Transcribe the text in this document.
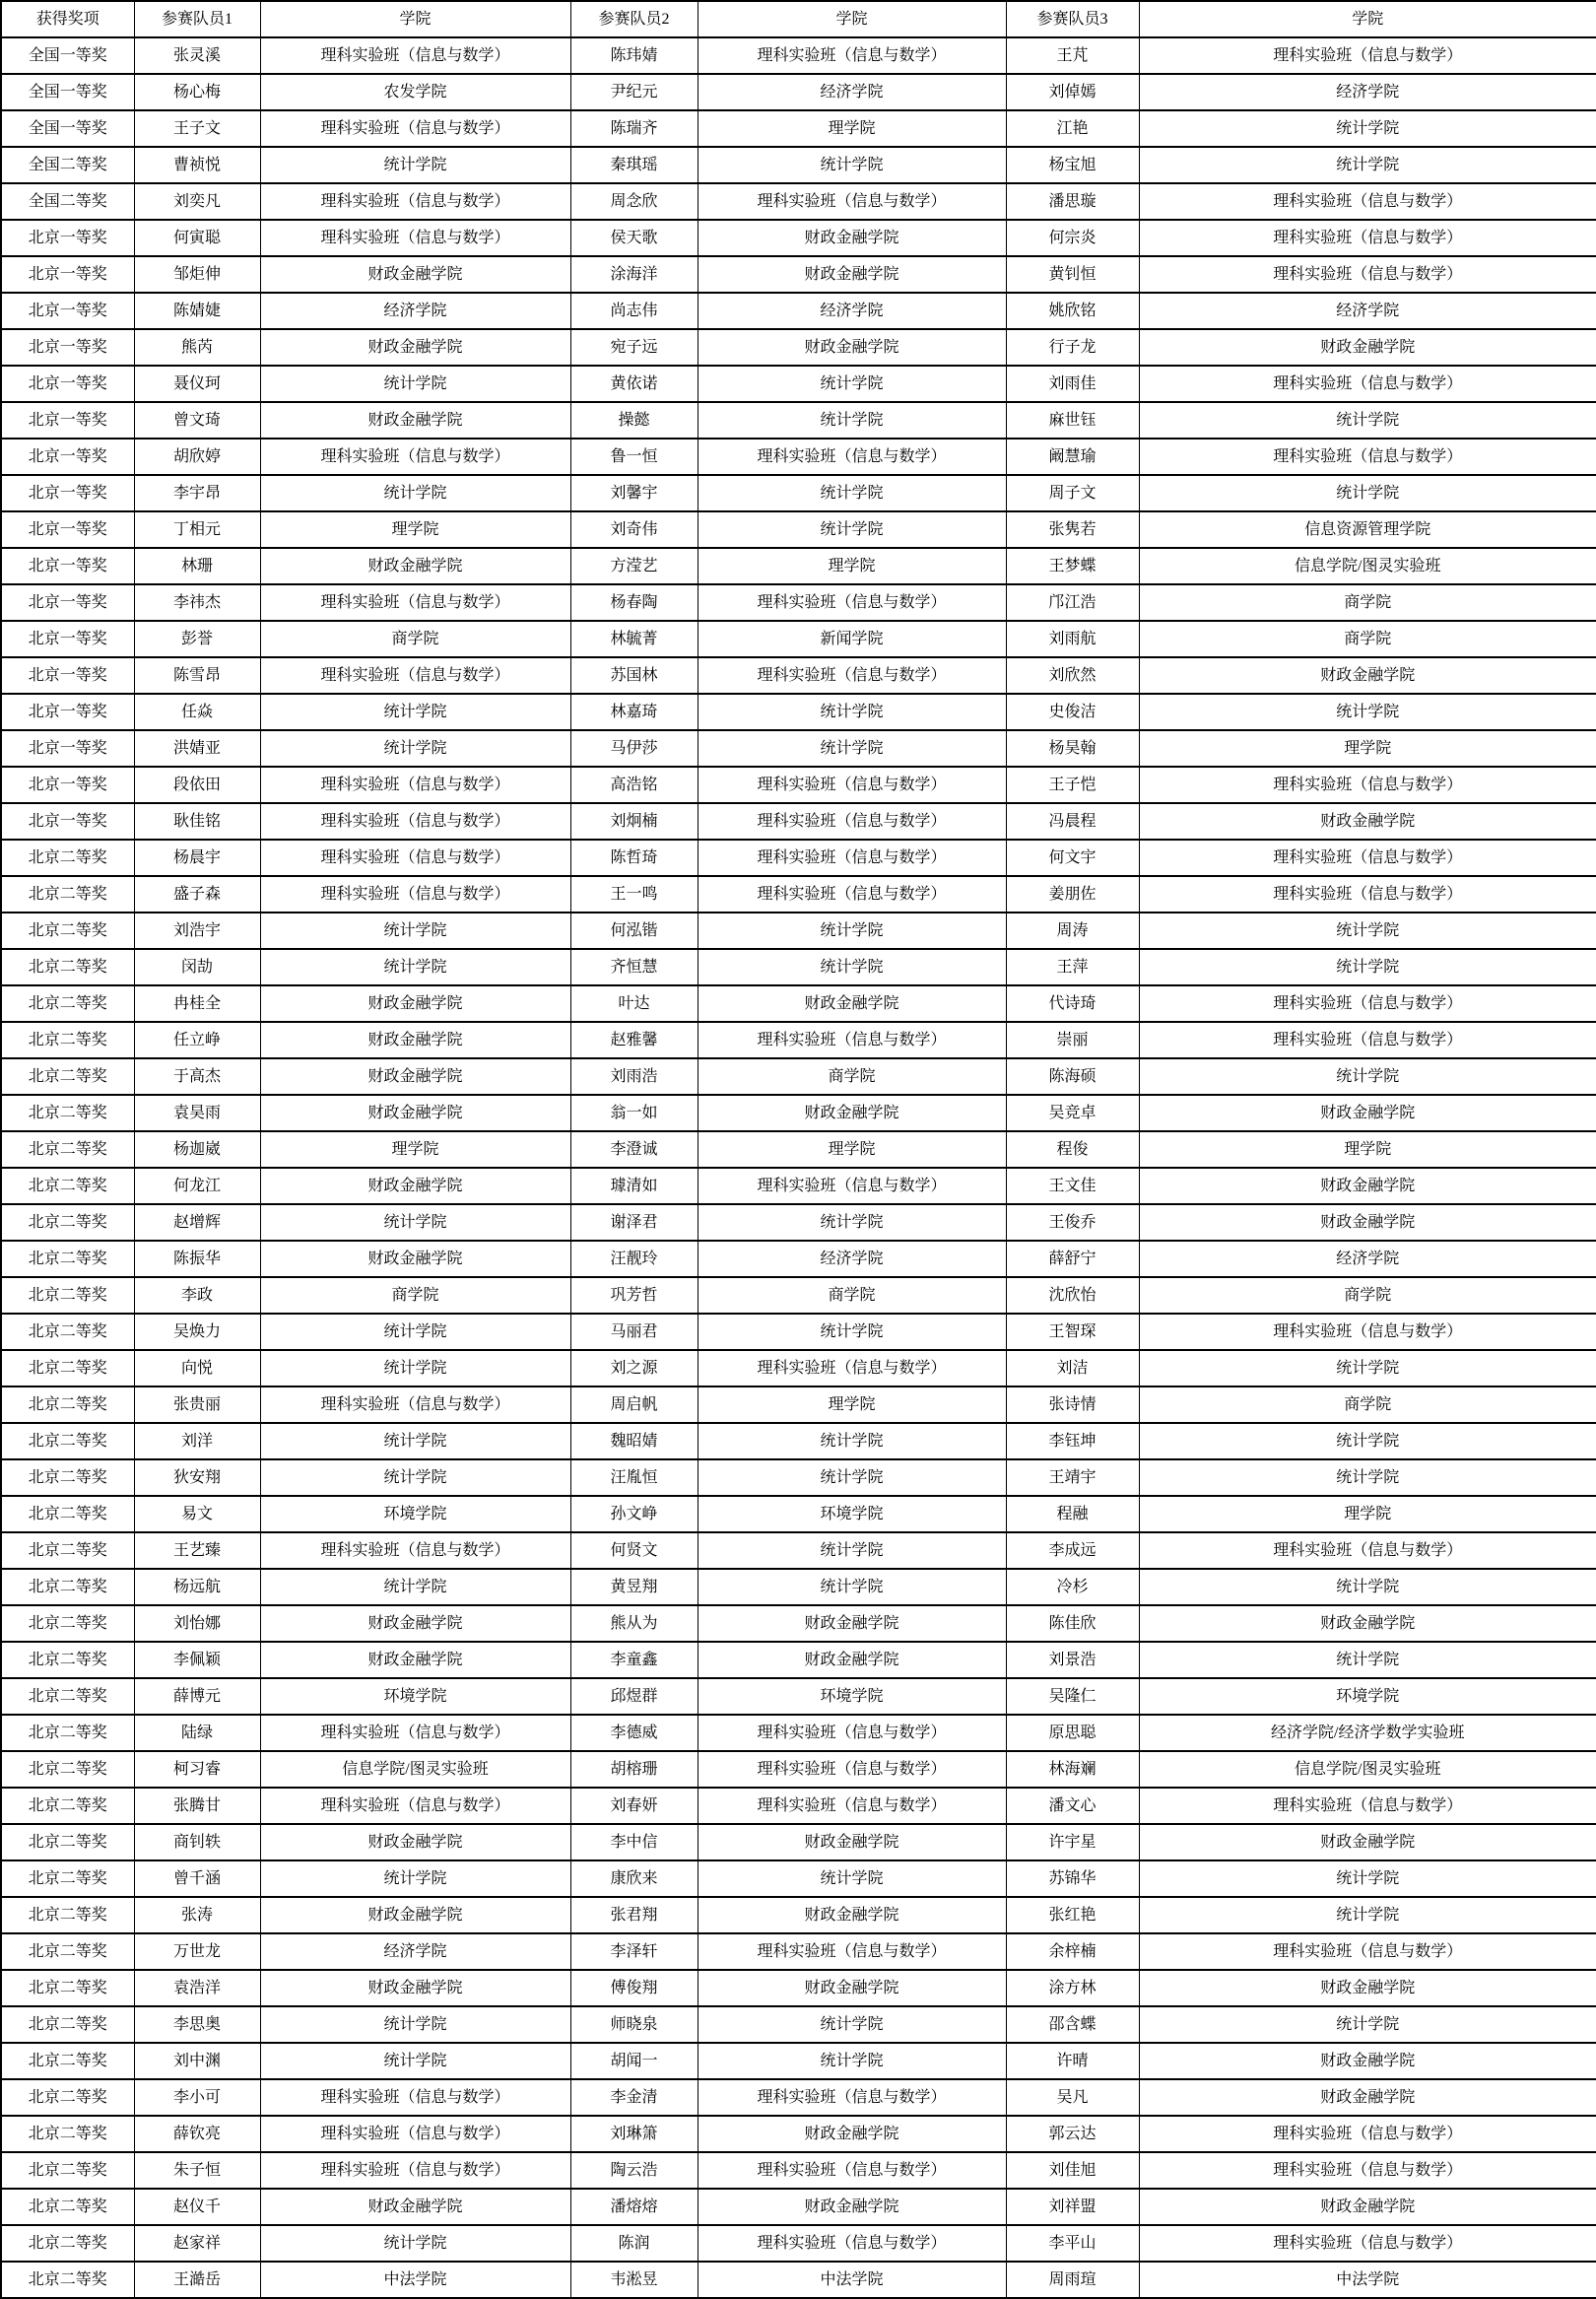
获得奖项	参赛队员1	学院	参赛队员2	学院	参赛队员3	学院
全国一等奖	张灵溪	理科实验班（信息与数学）	陈玮婧	理科实验班（信息与数学）	王芃	理科实验班（信息与数学）
全国一等奖	杨心梅	农发学院	尹纪元	经济学院	刘倬嫣	经济学院
全国一等奖	王子文	理科实验班（信息与数学）	陈瑞齐	理学院	江艳	统计学院
全国二等奖	曹祯悦	统计学院	秦琪瑶	统计学院	杨宝旭	统计学院
全国二等奖	刘奕凡	理科实验班（信息与数学）	周念欣	理科实验班（信息与数学）	潘思璇	理科实验班（信息与数学）
北京一等奖	何寅聪	理科实验班（信息与数学）	侯天歌	财政金融学院	何宗炎	理科实验班（信息与数学）
北京一等奖	邹炬伸	财政金融学院	涂海洋	财政金融学院	黄钊恒	理科实验班（信息与数学）
北京一等奖	陈婧婕	经济学院	尚志伟	经济学院	姚欣铭	经济学院
北京一等奖	熊芮	财政金融学院	宛子远	财政金融学院	行子龙	财政金融学院
北京一等奖	聂仪珂	统计学院	黄依诺	统计学院	刘雨佳	理科实验班（信息与数学）
北京一等奖	曾文琦	财政金融学院	操懿	统计学院	麻世钰	统计学院
北京一等奖	胡欣婷	理科实验班（信息与数学）	鲁一恒	理科实验班（信息与数学）	阚慧瑜	理科实验班（信息与数学）
北京一等奖	李宇昂	统计学院	刘馨宇	统计学院	周子文	统计学院
北京一等奖	丁相元	理学院	刘奇伟	统计学院	张隽若	信息资源管理学院
北京一等奖	林珊	财政金融学院	方滢艺	理学院	王梦蝶	信息学院/图灵实验班
北京一等奖	李祎杰	理科实验班（信息与数学）	杨春陶	理科实验班（信息与数学）	邝江浩	商学院
北京一等奖	彭誉	商学院	林毓菁	新闻学院	刘雨航	商学院
北京一等奖	陈雪昂	理科实验班（信息与数学）	苏国林	理科实验班（信息与数学）	刘欣然	财政金融学院
北京一等奖	任焱	统计学院	林嘉琦	统计学院	史俊洁	统计学院
北京一等奖	洪婧亚	统计学院	马伊莎	统计学院	杨昊翰	理学院
北京一等奖	段依田	理科实验班（信息与数学）	高浩铭	理科实验班（信息与数学）	王子恺	理科实验班（信息与数学）
北京一等奖	耿佳铭	理科实验班（信息与数学）	刘炯楠	理科实验班（信息与数学）	冯晨程	财政金融学院
北京二等奖	杨晨宇	理科实验班（信息与数学）	陈哲琦	理科实验班（信息与数学）	何文宇	理科实验班（信息与数学）
北京二等奖	盛子森	理科实验班（信息与数学）	王一鸣	理科实验班（信息与数学）	姜朋佐	理科实验班（信息与数学）
北京二等奖	刘浩宇	统计学院	何泓锴	统计学院	周涛	统计学院
北京二等奖	闵劼	统计学院	齐恒慧	统计学院	王萍	统计学院
北京二等奖	冉桂全	财政金融学院	叶达	财政金融学院	代诗琦	理科实验班（信息与数学）
北京二等奖	任立峥	财政金融学院	赵雅馨	理科实验班（信息与数学）	崇丽	理科实验班（信息与数学）
北京二等奖	于高杰	财政金融学院	刘雨浩	商学院	陈海硕	统计学院
北京二等奖	袁昊雨	财政金融学院	翁一如	财政金融学院	吴竞卓	财政金融学院
北京二等奖	杨迦崴	理学院	李澄诚	理学院	程俊	理学院
北京二等奖	何龙江	财政金融学院	璩清如	理科实验班（信息与数学）	王文佳	财政金融学院
北京二等奖	赵增辉	统计学院	谢泽君	统计学院	王俊乔	财政金融学院
北京二等奖	陈振华	财政金融学院	汪靓玲	经济学院	薛舒宁	经济学院
北京二等奖	李政	商学院	巩芳哲	商学院	沈欣怡	商学院
北京二等奖	吴焕力	统计学院	马丽君	统计学院	王智琛	理科实验班（信息与数学）
北京二等奖	向悦	统计学院	刘之源	理科实验班（信息与数学）	刘洁	统计学院
北京二等奖	张贵丽	理科实验班（信息与数学）	周启帆	理学院	张诗情	商学院
北京二等奖	刘洋	统计学院	魏昭婧	统计学院	李钰坤	统计学院
北京二等奖	狄安翔	统计学院	汪胤恒	统计学院	王靖宇	统计学院
北京二等奖	易文	环境学院	孙文峥	环境学院	程融	理学院
北京二等奖	王艺臻	理科实验班（信息与数学）	何贤文	统计学院	李成远	理科实验班（信息与数学）
北京二等奖	杨远航	统计学院	黄昱翔	统计学院	冷杉	统计学院
北京二等奖	刘怡娜	财政金融学院	熊从为	财政金融学院	陈佳欣	财政金融学院
北京二等奖	李佩颖	财政金融学院	李童鑫	财政金融学院	刘景浩	统计学院
北京二等奖	薛博元	环境学院	邱煜群	环境学院	吴隆仁	环境学院
北京二等奖	陆绿	理科实验班（信息与数学）	李德威	理科实验班（信息与数学）	原思聪	经济学院/经济学数学实验班
北京二等奖	柯习睿	信息学院/图灵实验班	胡榕珊	理科实验班（信息与数学）	林海斓	信息学院/图灵实验班
北京二等奖	张腾甘	理科实验班（信息与数学）	刘春妍	理科实验班（信息与数学）	潘文心	理科实验班（信息与数学）
北京二等奖	商钊轶	财政金融学院	李中信	财政金融学院	许宇星	财政金融学院
北京二等奖	曾千涵	统计学院	康欣来	统计学院	苏锦华	统计学院
北京二等奖	张涛	财政金融学院	张君翔	财政金融学院	张红艳	统计学院
北京二等奖	万世龙	经济学院	李泽轩	理科实验班（信息与数学）	余梓楠	理科实验班（信息与数学）
北京二等奖	袁浩洋	财政金融学院	傅俊翔	财政金融学院	涂方林	财政金融学院
北京二等奖	李思奥	统计学院	师晓泉	统计学院	邵含蝶	统计学院
北京二等奖	刘中渊	统计学院	胡闻一	统计学院	许晴	财政金融学院
北京二等奖	李小可	理科实验班（信息与数学）	李金清	理科实验班（信息与数学）	吴凡	财政金融学院
北京二等奖	薛钦亮	理科实验班（信息与数学）	刘琳箫	财政金融学院	郭云达	理科实验班（信息与数学）
北京二等奖	朱子恒	理科实验班（信息与数学）	陶云浩	理科实验班（信息与数学）	刘佳旭	理科实验班（信息与数学）
北京二等奖	赵仪千	财政金融学院	潘熔熔	财政金融学院	刘祥盟	财政金融学院
北京二等奖	赵家祥	统计学院	陈润	理科实验班（信息与数学）	李平山	理科实验班（信息与数学）
北京二等奖	王澔岳	中法学院	韦淞昱	中法学院	周雨瑄	中法学院
